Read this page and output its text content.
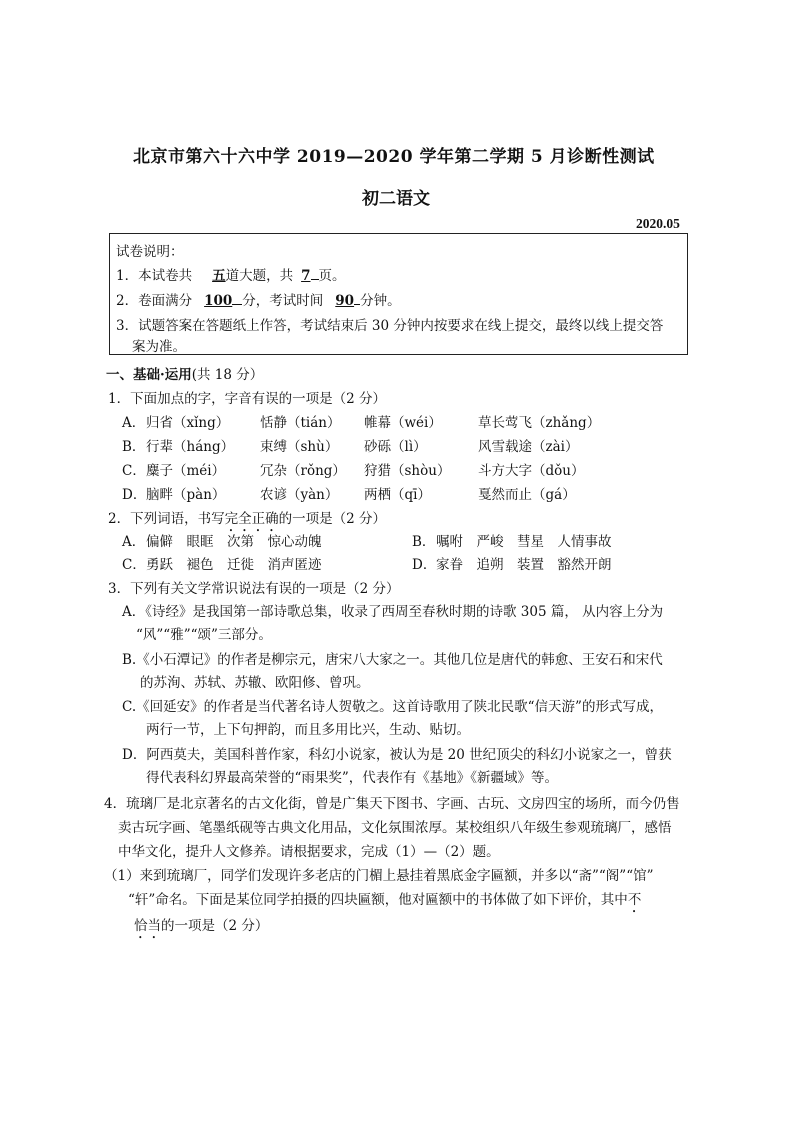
北京市第六十六中学 2019—2020 学年第二学期 5 月诊断性测试
初二语文
2020.05
试卷说明：
1．本试卷共 五道大题，共 7 页。
2．卷面满分 100 分，考试时间 90 分钟。
3．试题答案在答题纸上作答，考试结束后 30 分钟内按要求在线上提交，最终以线上提交答
案为准。
一、基础·运用(共 18 分）
1．下面加点的字，字音有误的一项是（2 分）
A． 归省（xǐng） 恬静（tián） 帷幕（wéi）	草长莺飞（zhǎng）
B． 行辈（háng） 束缚（shù） 砂砾（lì）	风雪载途（zài）
C． 麋子（méi）	冗杂（rǒng） 狩猎（shòu） 斗方大字（dǒu）
D． 脑畔（pàn）	农谚（yàn） 两栖（qī）	戛然而止（gá）
2．下列词语，书写完全正确的一项是（2 分）
A． 偏僻　眼眶　次第　惊心动魄	B． 嘱咐　严峻　彗星　人情事故
C． 勇跃　褪色　迁徙　消声匿迹	D． 家眷　追朔　装置　豁然开朗
3．下列有关文学常识说法有误的一项是（2 分）
A．《诗经》是我国第一部诗歌总集，收录了西周至春秋时期的诗歌 305 篇， 从内容上分为
“风”“雅”“颂”三部分。
B.《小石潭记》的作者是柳宗元，唐宋八大家之一。其他几位是唐代的韩愈、王安石和宋代
的苏洵、苏轼、苏辙、欧阳修、曾巩。
C.《回延安》的作者是当代著名诗人贺敬之。这首诗歌用了陕北民歌“信天游”的形式写成，
两行一节，上下句押韵，而且多用比兴，生动、贴切。
D．阿西莫夫，美国科普作家，科幻小说家，被认为是 20 世纪顶尖的科幻小说家之一，曾获
得代表科幻界最高荣誉的“雨果奖”，代表作有《基地》《新疆域》等。
4．琉璃厂是北京著名的古文化街，曾是广集天下图书、字画、古玩、文房四宝的场所，而今仍售
卖古玩字画、笔墨纸砚等古典文化用品，文化氛围浓厚。某校组织八年级生参观琉璃厂，感悟
中华文化，提升人文修养。请根据要求，完成（1）—（2）题。
（1）来到琉璃厂，同学们发现许多老店的门楣上悬挂着黑底金字匾额，并多以“斋”“阁”“馆”
“轩”命名。下面是某位同学拍摄的四块匾额，他对匾额中的书体做了如下评价，其中不
恰当的一项是（2 分）
